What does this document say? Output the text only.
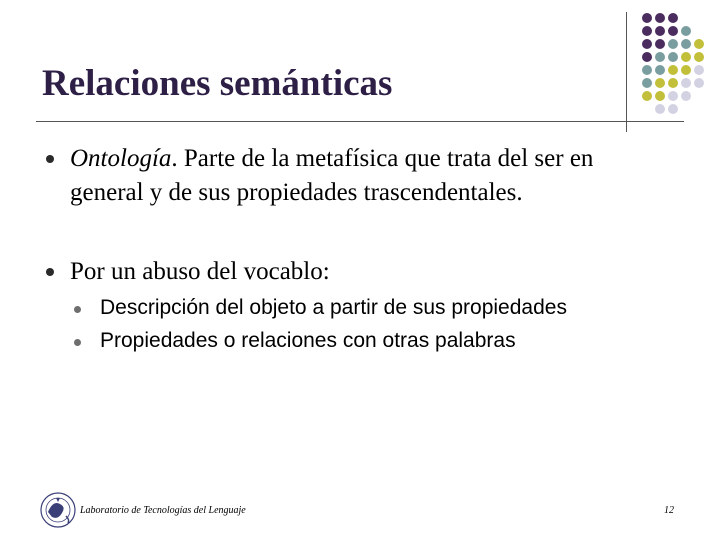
Relaciones semánticas
Ontología. Parte de la metafísica que trata del ser en
general y de sus propiedades trascendentales.
Por un abuso del vocablo:
Descripción del objeto a partir de sus propiedades
Propiedades o relaciones con otras palabras
Laboratorio de Tecnologías del Lenguaje	12
